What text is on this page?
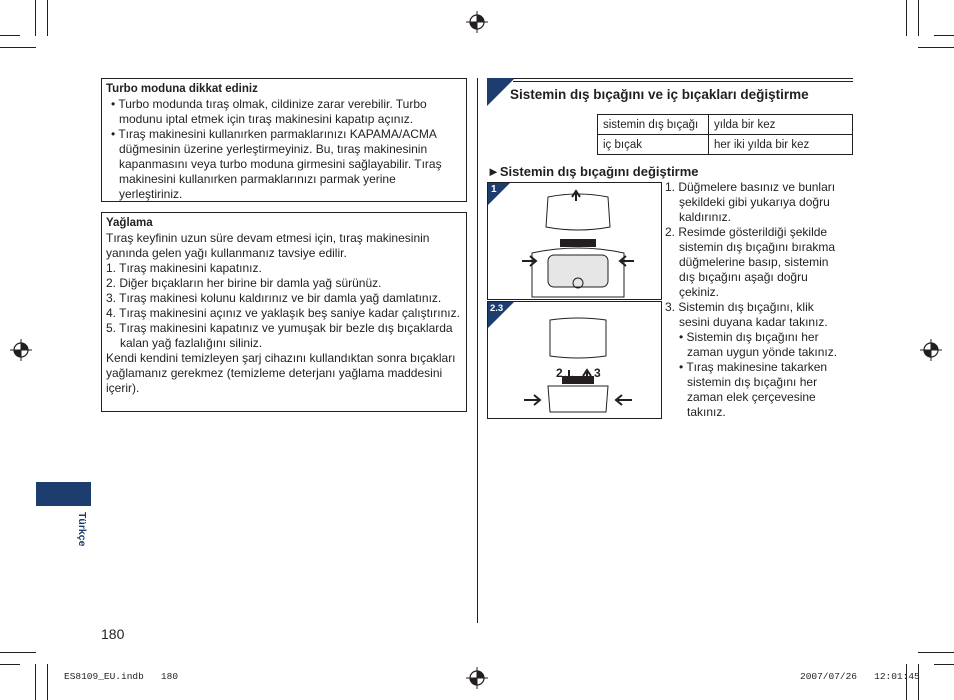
Turbo moduna dikkat ediniz

• Turbo modunda tıraş olmak, cildinize zarar verebilir. Turbo modunu iptal etmek için tıraş makinesini kapatıp açınız.

• Tıraş makinesini kullanırken parmaklarınızı KAPAMA/ACMA düğmesinin üzerine yerleştirmeyiniz. Bu, tıraş makinesinin kapanmasını veya turbo moduna girmesini sağlayabilir. Tıraş makinesini kullanırken parmaklarınızı parmak yerine yerleştiriniz.

Yağlama

Tıraş keyfinin uzun süre devam etmesi için, tıraş makinesinin yanında gelen yağı kullanmanız tavsiye edilir.

1. Tıraş makinesini kapatınız.

2. Diğer bıçakların her birine bir damla yağ sürünüz.

3. Tıraş makinesi kolunu kaldırınız ve bir damla yağ damlatınız.

4. Tıraş makinesini açınız ve yaklaşık beş saniye kadar çalıştırınız.

5. Tıraş makinesini kapatınız ve yumuşak bir bezle dış bıçaklarda kalan yağ fazlalığını siliniz.

Kendi kendini temizleyen şarj cihazını kullandıktan sonra bıçakları yağlamanız gerekmez (temizleme deterjanı yağlama maddesini içerir).

Sistemin dış bıçağını ve iç bıçakları değiştirme
sistemin dış bıçağı	yılda bir kez
iç bıçak	her iki yılda bir kez
►Sistemin dış bıçağını değiştirme
1
2.3
2	3

1. Düğmelere basınız ve bunları şekildeki gibi yukarıya doğru kaldırınız.

2. Resimde gösterildiği şekilde sistemin dış bıçağını bırakma düğmelerine basıp, sistemin dış bıçağını aşağı doğru çekiniz.

3. Sistemin dış bıçağını, klik sesini duyana kadar takınız.

• Sistemin dış bıçağını her zaman uygun yönde takınız.

• Tıraş makinesine takarken sistemin dış bıçağını her zaman elek çerçevesine takınız.

Türkçe
180
ES8109_EU.indb   180	2007/07/26   12:01:45
